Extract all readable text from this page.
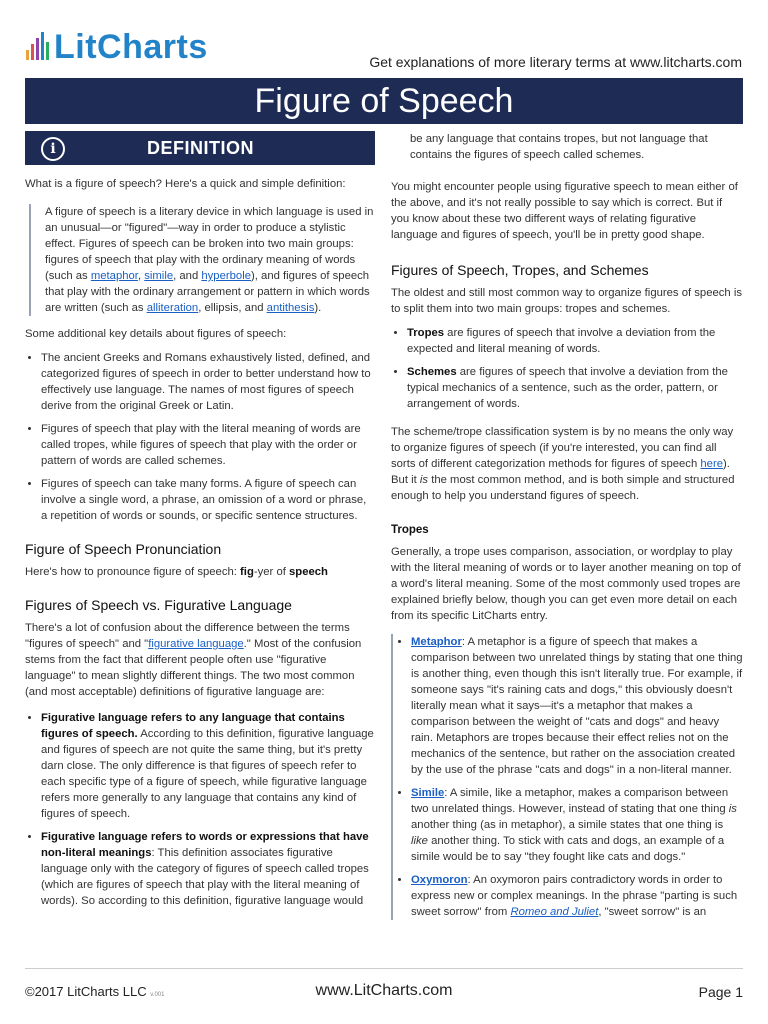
LitCharts	Get explanations of more literary terms at www.litcharts.com
Figure of Speech
i	DEFINITION

What is a figure of speech? Here's a quick and simple definition:

A figure of speech is a literary device in which language is used in an unusual—or "figured"—way in order to produce a stylistic effect. Figures of speech can be broken into two main groups: figures of speech that play with the ordinary meaning of words (such as metaphor, simile, and hyperbole), and figures of speech that play with the ordinary arrangement or pattern in which words are written (such as alliteration, ellipsis, and antithesis).

Some additional key details about figures of speech:

• The ancient Greeks and Romans exhaustively listed, defined, and categorized figures of speech in order to better understand how to effectively use language. The names of most figures of speech derive from the original Greek or Latin.
• Figures of speech that play with the literal meaning of words are called tropes, while figures of speech that play with the order or pattern of words are called schemes.
• Figures of speech can take many forms. A figure of speech can involve a single word, a phrase, an omission of a word or phrase, a repetition of words or sounds, or specific sentence structures.
Figure of Speech Pronunciation

Here's how to pronounce figure of speech: fig-yer of speech

Figures of Speech vs. Figurative Language

There's a lot of confusion about the difference between the terms "figures of speech" and "figurative language." Most of the confusion stems from the fact that different people often use "figurative language" to mean slightly different things. The two most common (and most acceptable) definitions of figurative language are:

• Figurative language refers to any language that contains figures of speech. According to this definition, figurative language and figures of speech are not quite the same thing, but it's pretty darn close. The only difference is that figures of speech refer to each specific type of a figure of speech, while figurative language refers more generally to any language that contains any kind of figures of speech.
• Figurative language refers to words or expressions that have non-literal meanings: This definition associates figurative language only with the category of figures of speech called tropes (which are figures of speech that play with the literal meaning of words). So according to this definition, figurative language would

be any language that contains tropes, but not language that contains the figures of speech called schemes.

You might encounter people using figurative speech to mean either of the above, and it's not really possible to say which is correct. But if you know about these two different ways of relating figurative language and figures of speech, you'll be in pretty good shape.

Figures of Speech, Tropes, and Schemes

The oldest and still most common way to organize figures of speech is to split them into two main groups: tropes and schemes.

• Tropes are figures of speech that involve a deviation from the expected and literal meaning of words.
• Schemes are figures of speech that involve a deviation from the typical mechanics of a sentence, such as the order, pattern, or arrangement of words.

The scheme/trope classification system is by no means the only way to organize figures of speech (if you're interested, you can find all sorts of different categorization methods for figures of speech here). But it is the most common method, and is both simple and structured enough to help you understand figures of speech.

Tropes

Generally, a trope uses comparison, association, or wordplay to play with the literal meaning of words or to layer another meaning on top of a word's literal meaning. Some of the most commonly used tropes are explained briefly below, though you can get even more detail on each from its specific LitCharts entry.

• Metaphor: A metaphor is a figure of speech that makes a comparison between two unrelated things by stating that one thing is another thing, even though this isn't literally true. For example, if someone says "it's raining cats and dogs," this obviously doesn't literally mean what it says—it's a metaphor that makes a comparison between the weight of "cats and dogs" and heavy rain. Metaphors are tropes because their effect relies not on the mechanics of the sentence, but rather on the association created by the use of the phrase "cats and dogs" in a non-literal manner.
• Simile: A simile, like a metaphor, makes a comparison between two unrelated things. However, instead of stating that one thing is another thing (as in metaphor), a simile states that one thing is like another thing. To stick with cats and dogs, an example of a simile would be to say "they fought like cats and dogs."
• Oxymoron: An oxymoron pairs contradictory words in order to express new or complex meanings. In the phrase "parting is such sweet sorrow" from Romeo and Juliet, "sweet sorrow" is an
©2017 LitCharts LLC v.001	www.LitCharts.com	Page 1
